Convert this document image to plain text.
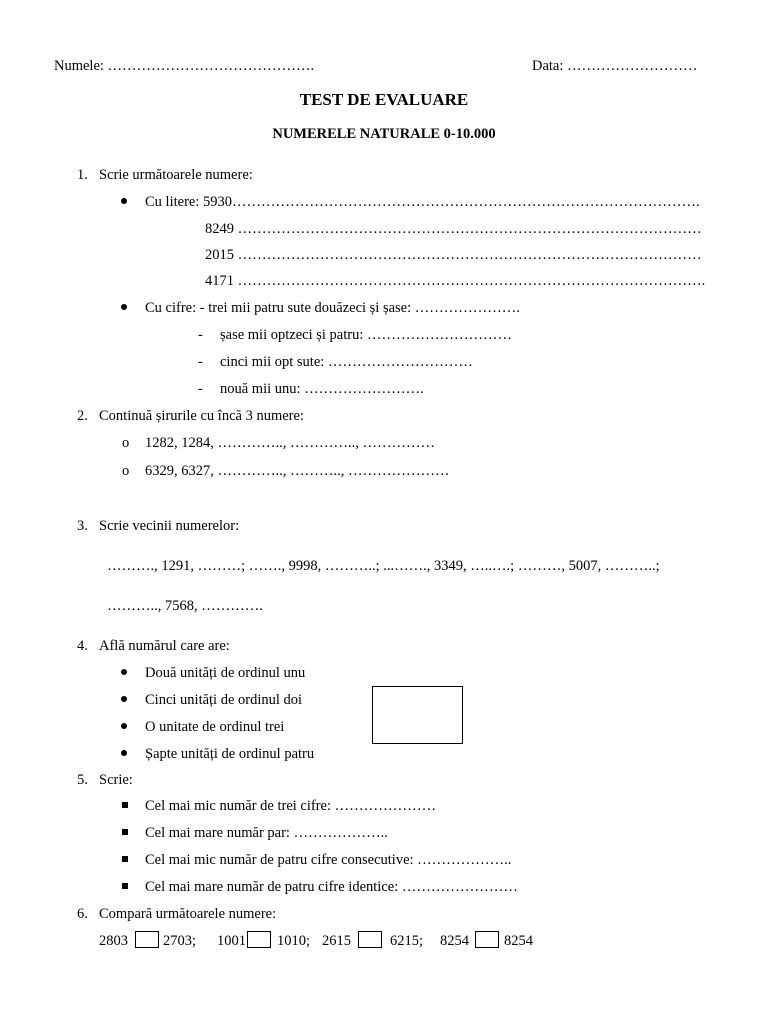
Numele: …………………………………….	Data: ………………………
TEST DE EVALUARE
NUMERELE NATURALE 0-10.000
1. Scrie următoarele numere:
Cu litere: 5930…………………………………………………………………………………….
8249 ……………………………………………………………………………………
2015 ……………………………………………………………………………………
4171 …………………………………………………………………………………….
Cu cifre: - trei mii patru sute douăzeci și șase: ………………….
- șase mii optzeci și patru: …………………………
- cinci mii opt sute: …………………………
- nouă mii unu: …………………….
2. Continuă șirurile cu încă 3 numere:
o 1282, 1284, ………….., ………….., ……………
o 6329, 6327, ………….., ……….., …………………
3. Scrie vecinii numerelor:
………., 1291, ………; ……., 9998, ………..; ...……., 3349, …..….; ………, 5007, ………..;
……….., 7568, ………….
4. Află numărul care are:
Două unități de ordinul unu
Cinci unități de ordinul doi
O unitate de ordinul trei
Șapte unități de ordinul patru
5. Scrie:
Cel mai mic număr de trei cifre: …………………
Cel mai mare număr par: ………………..
Cel mai mic număr de patru cifre consecutive: ………………..
Cel mai mare număr de patru cifre identice: ……………………
6. Compară următoarele numere:
2803 2703; 1001 1010; 2615	6215; 8254 8254
